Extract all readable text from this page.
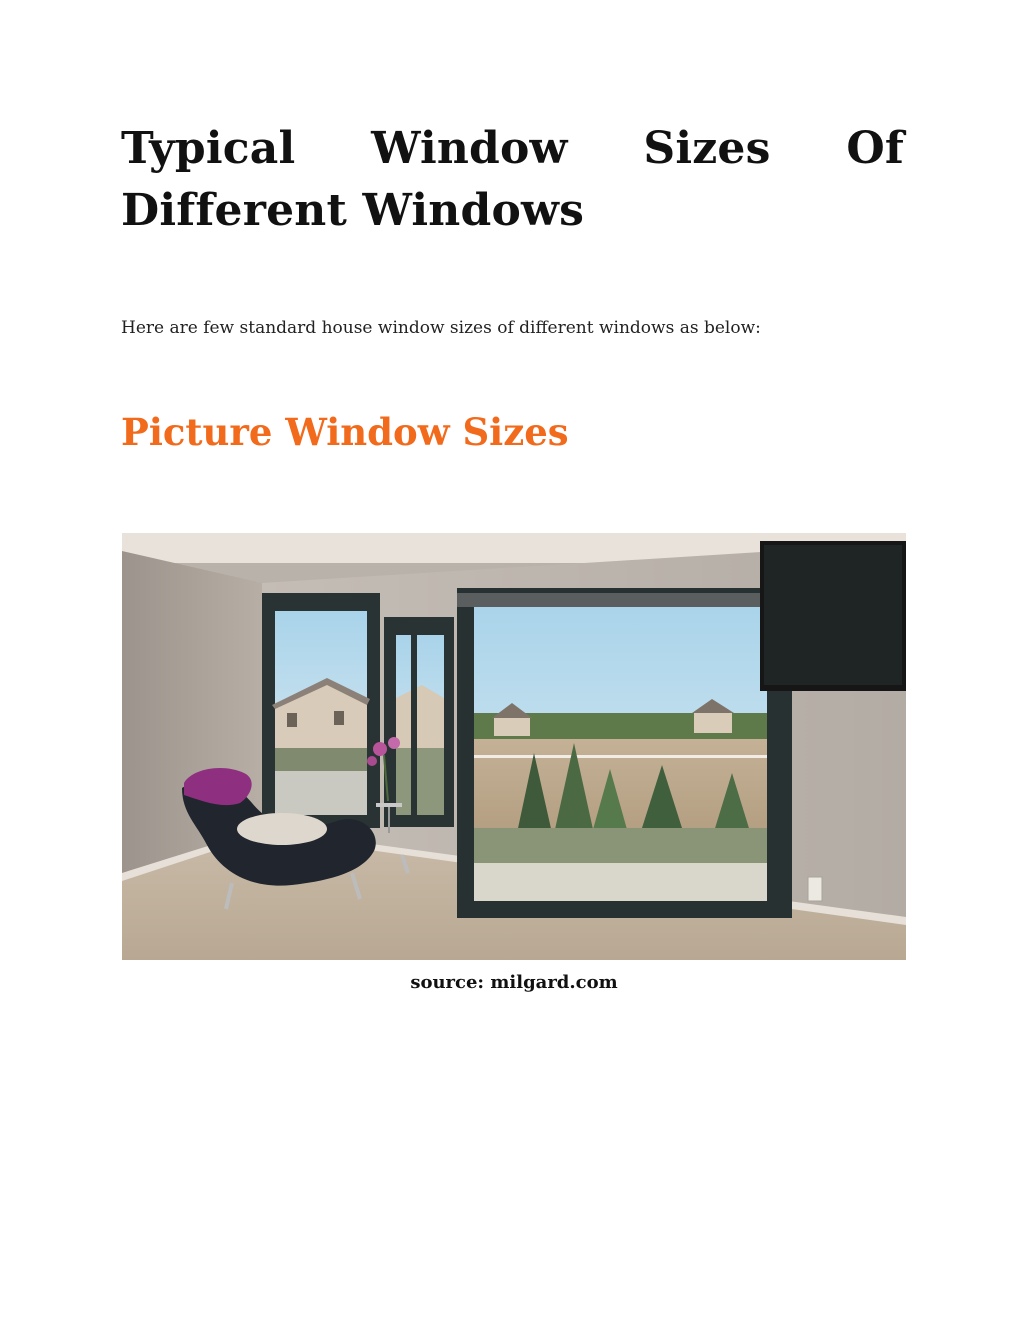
Typical Window Sizes Of Different Windows

Here are few standard house window sizes of different windows as below:

Picture Window Sizes

source: milgard.com
